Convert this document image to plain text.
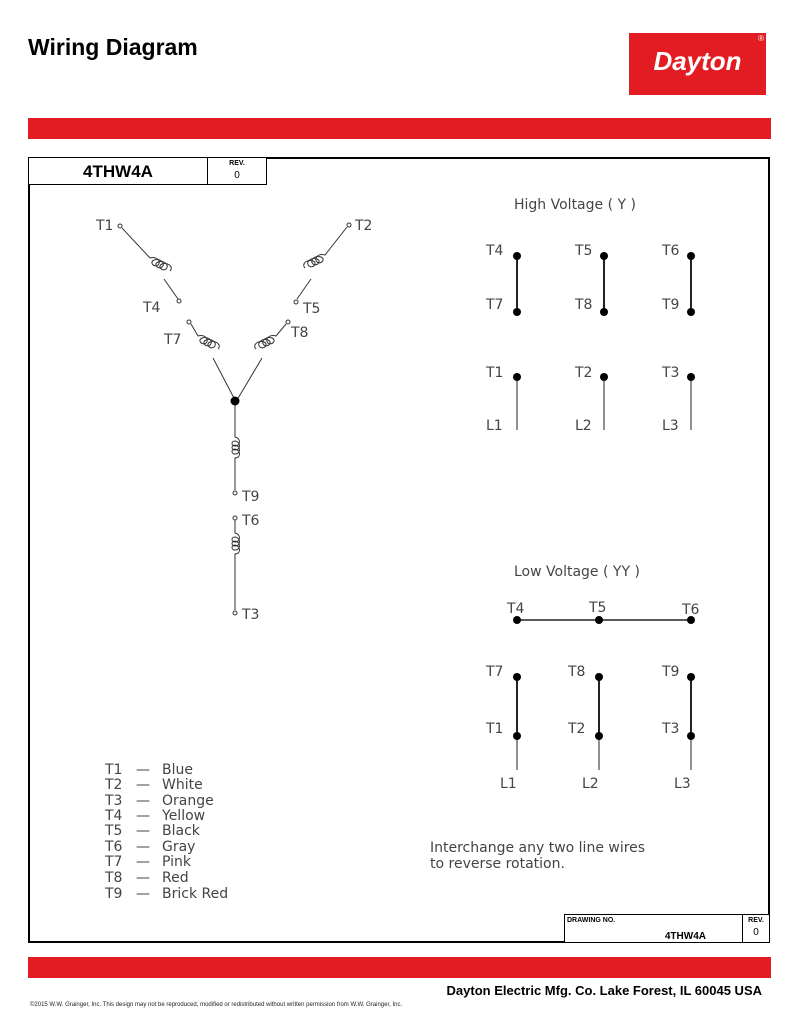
Wiring Diagram	Dayton
®
4THW4A	REV.
0
T1	T2
T3
T4	T5
T6
T7	T8
T9
High Voltage ( Y )
T4	T5	T6
T7	T8	T9
T1	T2	T3
L1	L2	L3
Low Voltage ( YY )
T4	T5	T6
T7	T8	T9
T1	T2	T3
L1	L2	L3
T1 — Blue
T2 — White
T3 — Orange
T4 — Yellow
T5 — Black
T6 — Gray
T7 — Pink
T8 — Red
T9 — Brick Red
Interchange any two line wires
to reverse rotation.
DRAWING NO.
4THW4A
REV.
0
Dayton Electric Mfg. Co. Lake Forest, IL 60045 USA
©2015 W.W. Grainger, Inc. This design may not be reproduced, modified or redistributed without written permission from W.W. Grainger, Inc.
